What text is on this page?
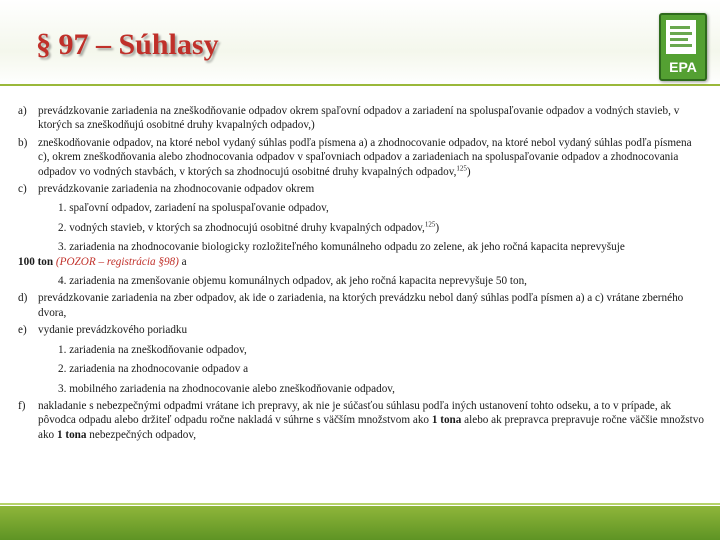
§ 97 – Súhlasy
EPA
a) prevádzkovanie zariadenia na zneškodňovanie odpadov okrem spaľovní odpadov a zariadení na spoluspaľovanie odpadov a vodných stavieb, v ktorých sa zneškodňujú osobitné druhy kvapalných odpadov,)
b) zneškodňovanie odpadov, na ktoré nebol vydaný súhlas podľa písmena a) a zhodnocovanie odpadov, na ktoré nebol vydaný súhlas podľa písmena c), okrem zneškodňovania alebo zhodnocovania odpadov v spaľovniach odpadov a zariadeniach na spoluspaľovanie odpadov a zhodnocovania odpadov vo vodných stavbách, v ktorých sa zhodnocujú osobitné druhy kvapalných odpadov,$^{125}$)
c) prevádzkovanie zariadenia na zhodnocovanie odpadov okrem
1. spaľovní odpadov, zariadení na spoluspaľovanie odpadov,
2. vodných stavieb, v ktorých sa zhodnocujú osobitné druhy kvapalných odpadov,$^{125}$)
3. zariadenia na zhodnocovanie biologicky rozložiteľného komunálneho odpadu zo zelene, ak jeho ročná kapacita neprevyšuje
100 ton (POZOR – registrácia §98) a
4. zariadenia na zmenšovanie objemu komunálnych odpadov, ak jeho ročná kapacita neprevyšuje 50 ton,
d) prevádzkovanie zariadenia na zber odpadov, ak ide o zariadenia, na ktorých prevádzku nebol daný súhlas podľa písmen a) a c) vrátane zberného dvora,
e) vydanie prevádzkového poriadku
1. zariadenia na zneškodňovanie odpadov,
2. zariadenia na zhodnocovanie odpadov a
3. mobilného zariadenia na zhodnocovanie alebo zneškodňovanie odpadov,
f) nakladanie s nebezpečnými odpadmi vrátane ich prepravy, ak nie je súčasťou súhlasu podľa iných ustanovení tohto odseku, a to v prípade, ak pôvodca odpadu alebo držiteľ odpadu ročne nakladá v súhrne s väčším množstvom ako 1 tona alebo ak prepravca prepravuje ročne väčšie množstvo ako 1 tona nebezpečných odpadov,
